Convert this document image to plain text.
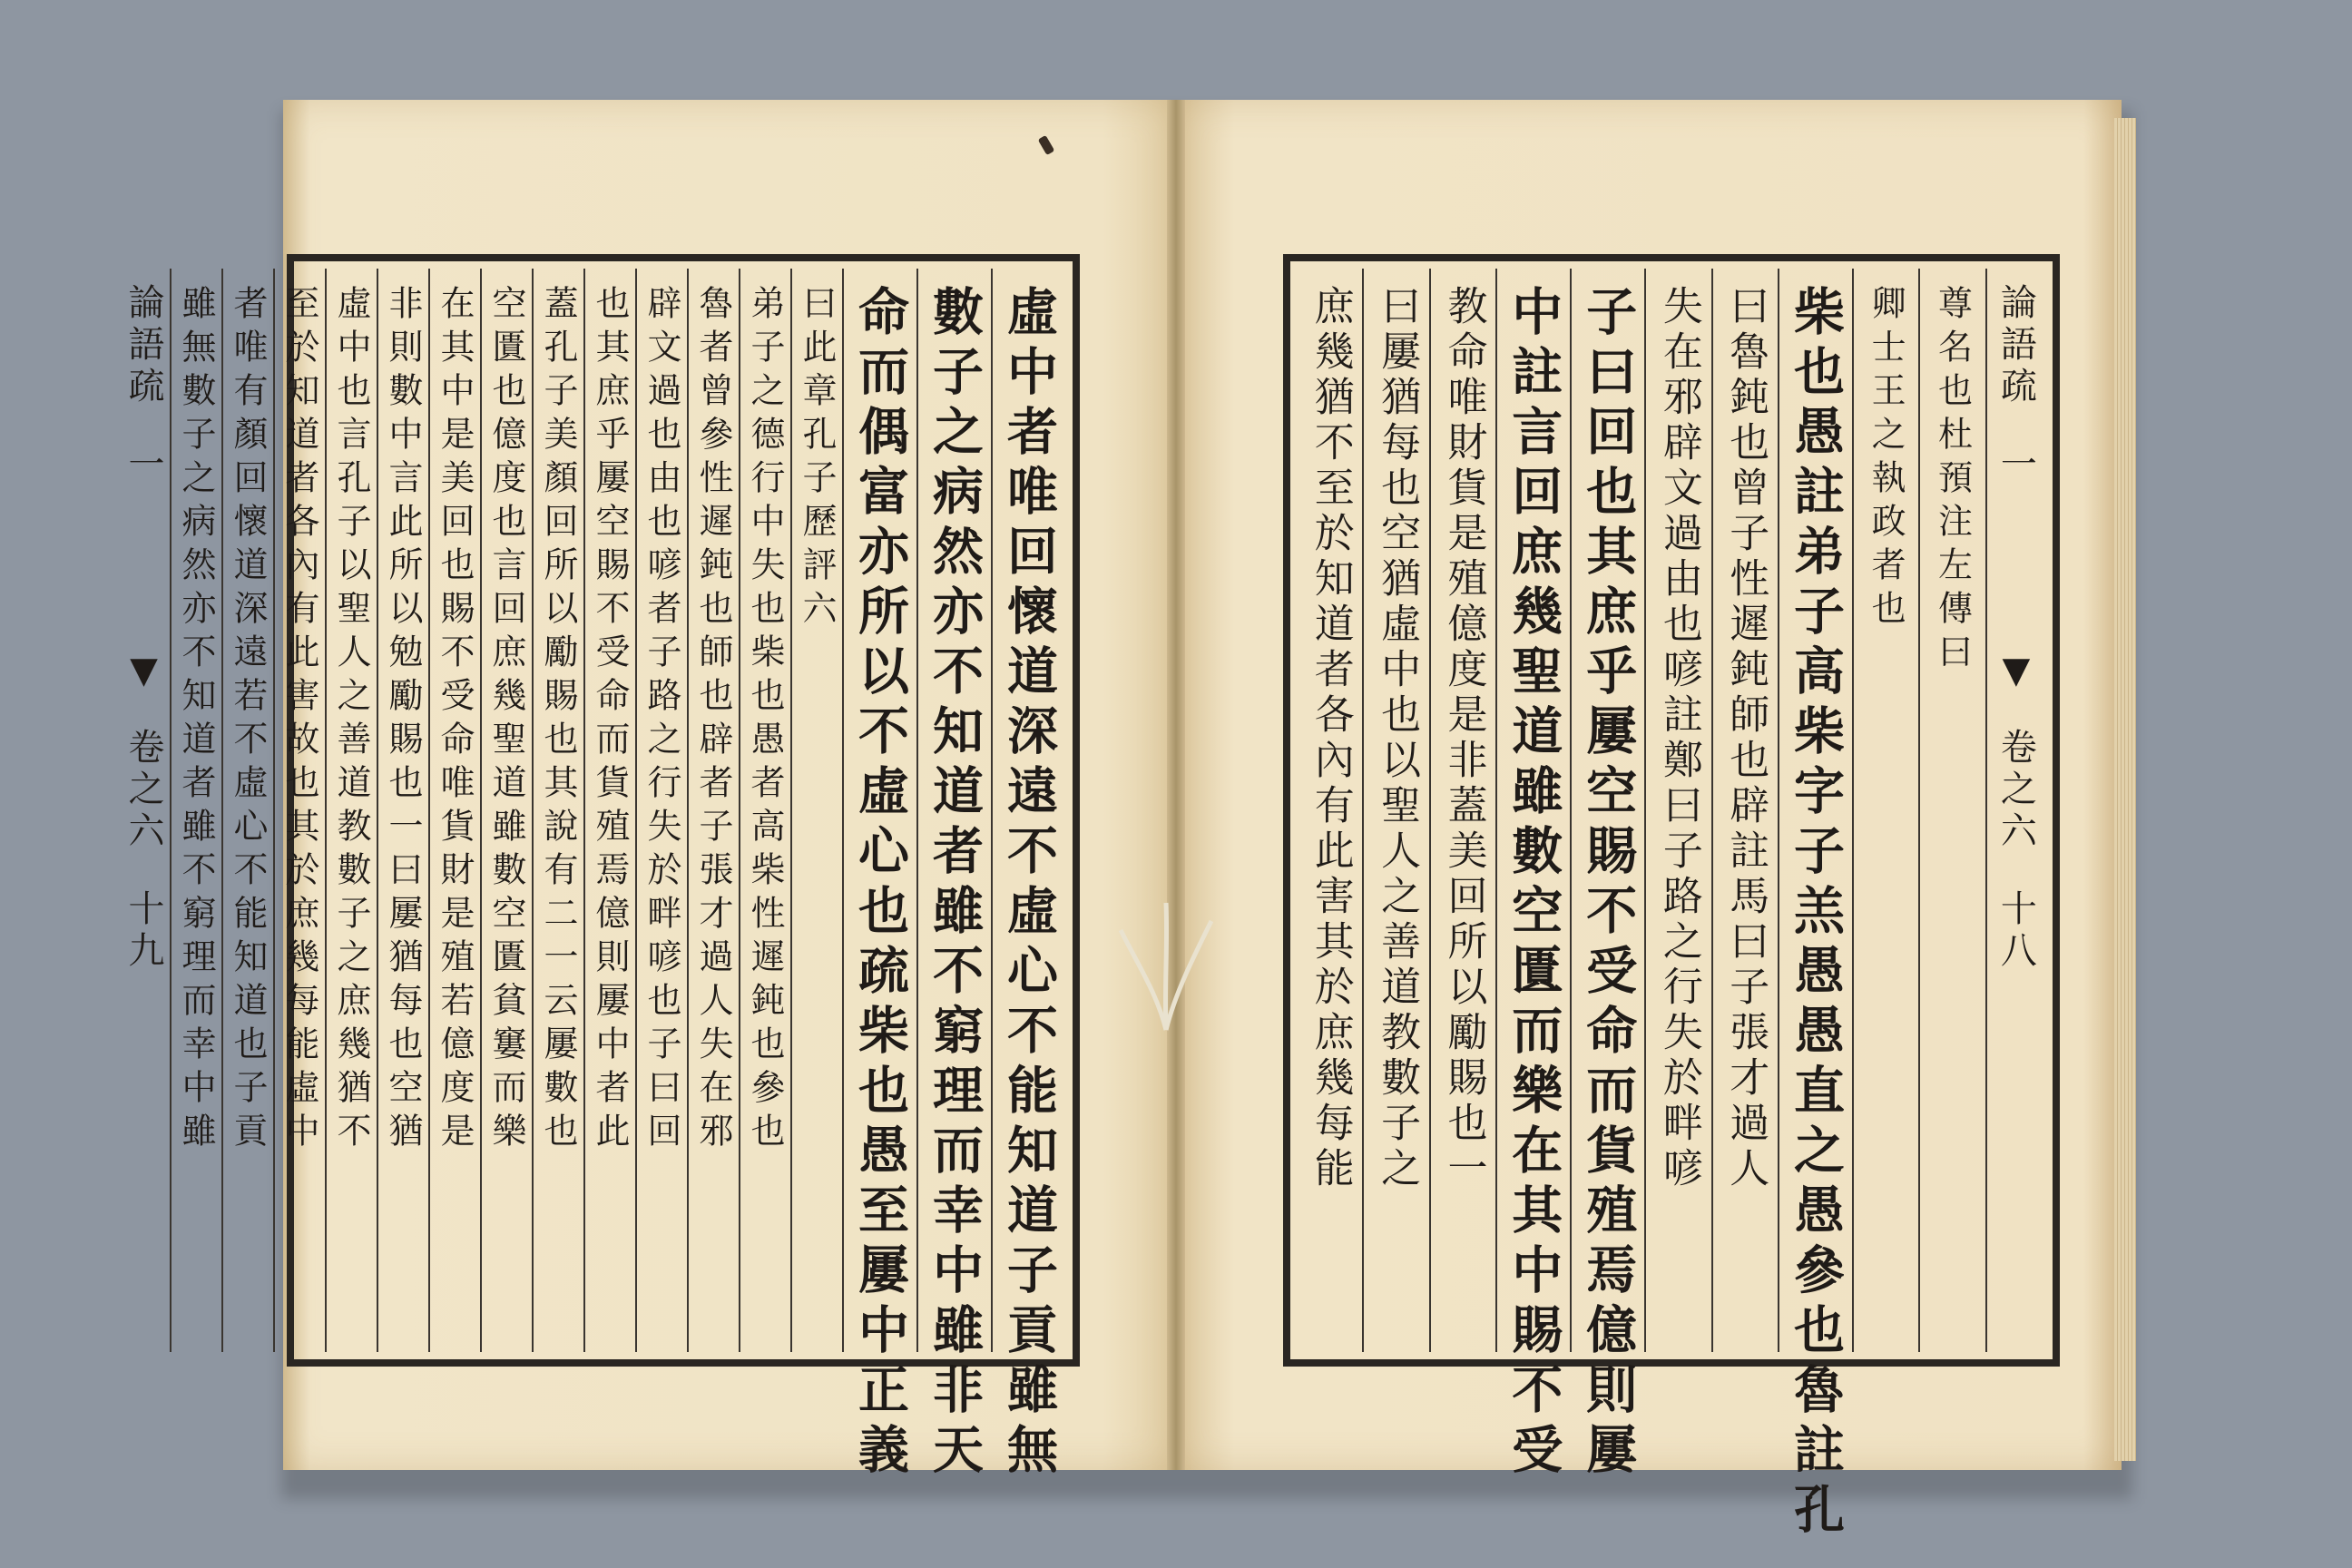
虛中者唯回懷道深遠不虛心不能知道子貢雖無
數子之病然亦不知道者雖不窮理而幸中雖非天
命而偶富亦所以不虛心也疏柴也愚至屢中正義
曰此章孔子歷評六
弟子之德行中失也柴也愚者高柴性遲鈍也參也
魯者曾參性遲鈍也師也辟者子張才過人失在邪
辟文過也由也喭者子路之行失於畔喭也子曰回
也其庶乎屢空賜不受命而貨殖焉億則屢中者此
蓋孔子美顏回所以勵賜也其說有二一云屢數也
空匱也億度也言回庶幾聖道雖數空匱貧窶而樂
在其中是美回也賜不受命唯貨財是殖若億度是
非則數中言此所以勉勵賜也一曰屢猶每也空猶
虛中也言孔子以聖人之善道教數子之庶幾猶不
至於知道者各內有此害故也其於庶幾每能虛中
者唯有顏回懷道深遠若不虛心不能知道也子貢
雖無數子之病然亦不知道者雖不窮理而幸中雖
論語疏
一
▼
卷之六
十九
論語疏
一
▼
卷之六
十八
尊名也杜預注左傳曰
卿士王之執政者也
柴也愚註弟子高柴字子羔愚愚直之愚參也魯註孔
曰魯鈍也曾子性遲鈍師也辟註馬曰子張才過人
失在邪辟文過由也喭註鄭曰子路之行失於畔喭
子曰回也其庶乎屢空賜不受命而貨殖焉億則屢
中註言回庶幾聖道雖數空匱而樂在其中賜不受
教命唯財貨是殖億度是非蓋美回所以勵賜也一
曰屢猶每也空猶虛中也以聖人之善道教數子之
庶幾猶不至於知道者各內有此害其於庶幾每能
